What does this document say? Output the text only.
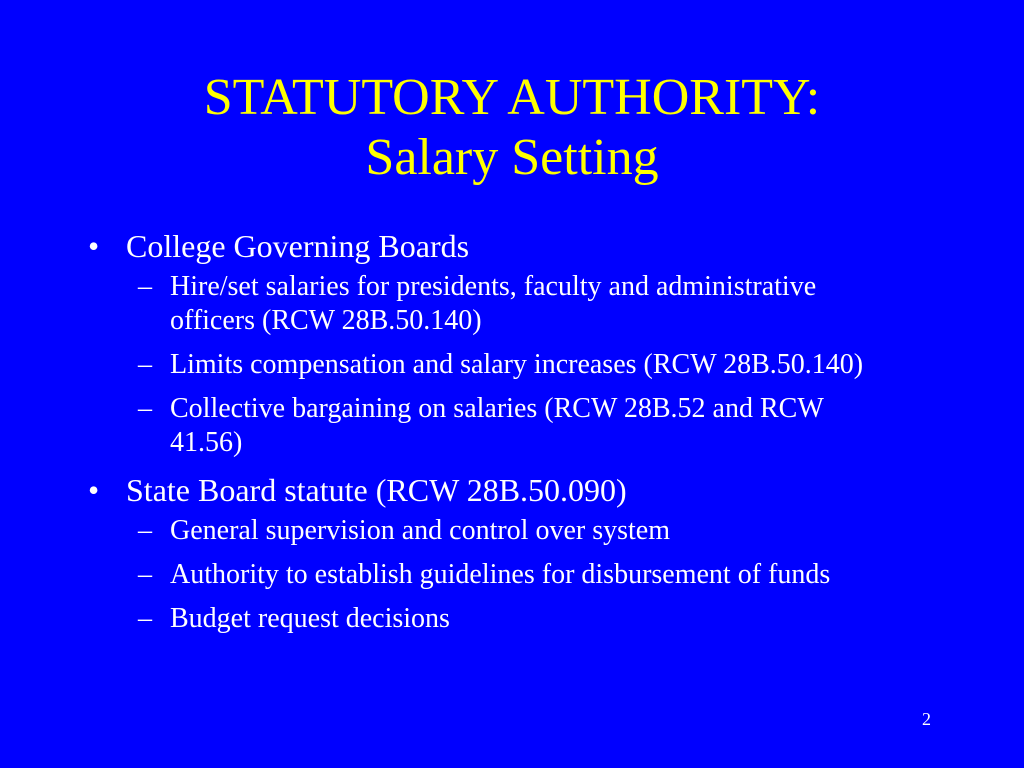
STATUTORY AUTHORITY:
Salary Setting
• College Governing Boards
– Hire/set salaries for presidents, faculty and administrative officers (RCW 28B.50.140)
– Limits compensation and salary increases (RCW 28B.50.140)
– Collective bargaining on salaries (RCW 28B.52 and RCW 41.56)
• State Board statute (RCW 28B.50.090)
– General supervision and control over system
– Authority to establish guidelines for disbursement of funds
– Budget request decisions
2
